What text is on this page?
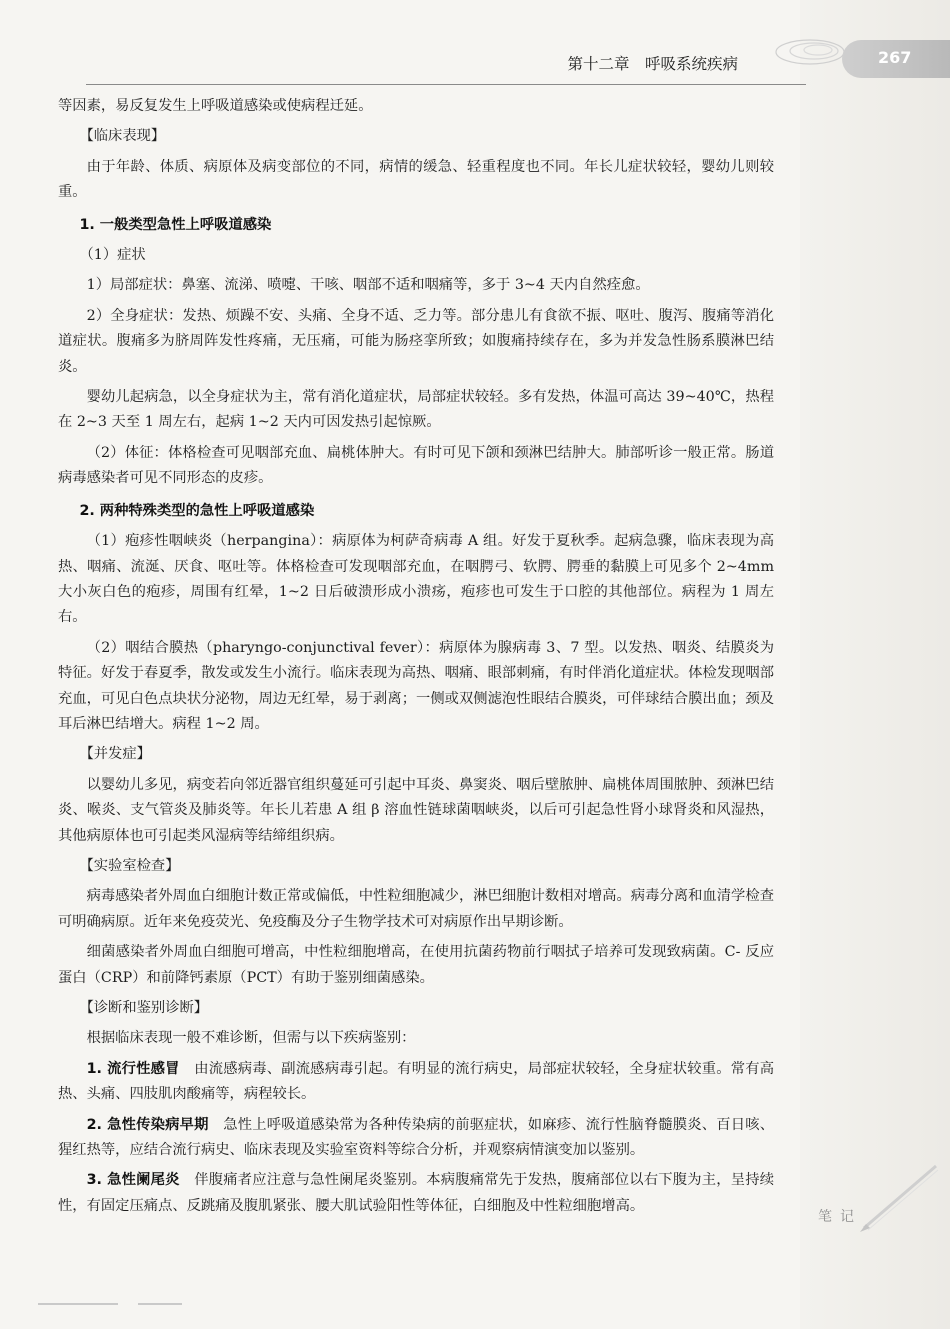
267
第十二章　呼吸系统疾病

等因素，易反复发生上呼吸道感染或使病程迁延。

【临床表现】

由于年龄、体质、病原体及病变部位的不同，病情的缓急、轻重程度也不同。年长儿症状较轻，婴幼儿则较重。

1. 一般类型急性上呼吸道感染

（1）症状

1）局部症状：鼻塞、流涕、喷嚏、干咳、咽部不适和咽痛等，多于 3~4 天内自然痊愈。

2）全身症状：发热、烦躁不安、头痛、全身不适、乏力等。部分患儿有食欲不振、呕吐、腹泻、腹痛等消化道症状。腹痛多为脐周阵发性疼痛，无压痛，可能为肠痉挛所致；如腹痛持续存在，多为并发急性肠系膜淋巴结炎。

婴幼儿起病急，以全身症状为主，常有消化道症状，局部症状较轻。多有发热，体温可高达 39~40℃，热程在 2~3 天至 1 周左右，起病 1~2 天内可因发热引起惊厥。

（2）体征：体格检查可见咽部充血、扁桃体肿大。有时可见下颌和颈淋巴结肿大。肺部听诊一般正常。肠道病毒感染者可见不同形态的皮疹。

2. 两种特殊类型的急性上呼吸道感染

（1）疱疹性咽峡炎（herpangina）：病原体为柯萨奇病毒 A 组。好发于夏秋季。起病急骤，临床表现为高热、咽痛、流涎、厌食、呕吐等。体格检查可发现咽部充血，在咽腭弓、软腭、腭垂的黏膜上可见多个 2~4mm 大小灰白色的疱疹，周围有红晕，1~2 日后破溃形成小溃疡，疱疹也可发生于口腔的其他部位。病程为 1 周左右。

（2）咽结合膜热（pharyngo-conjunctival fever）：病原体为腺病毒 3、7 型。以发热、咽炎、结膜炎为特征。好发于春夏季，散发或发生小流行。临床表现为高热、咽痛、眼部刺痛，有时伴消化道症状。体检发现咽部充血，可见白色点块状分泌物，周边无红晕，易于剥离；一侧或双侧滤泡性眼结合膜炎，可伴球结合膜出血；颈及耳后淋巴结增大。病程 1~2 周。

【并发症】

以婴幼儿多见，病变若向邻近器官组织蔓延可引起中耳炎、鼻窦炎、咽后壁脓肿、扁桃体周围脓肿、颈淋巴结炎、喉炎、支气管炎及肺炎等。年长儿若患 A 组 β 溶血性链球菌咽峡炎，以后可引起急性肾小球肾炎和风湿热，其他病原体也可引起类风湿病等结缔组织病。

【实验室检查】

病毒感染者外周血白细胞计数正常或偏低，中性粒细胞减少，淋巴细胞计数相对增高。病毒分离和血清学检查可明确病原。近年来免疫荧光、免疫酶及分子生物学技术可对病原作出早期诊断。

细菌感染者外周血白细胞可增高，中性粒细胞增高，在使用抗菌药物前行咽拭子培养可发现致病菌。C- 反应蛋白（CRP）和前降钙素原（PCT）有助于鉴别细菌感染。

【诊断和鉴别诊断】

根据临床表现一般不难诊断，但需与以下疾病鉴别：

1. 流行性感冒　 由流感病毒、副流感病毒引起。有明显的流行病史，局部症状较轻，全身症状较重。常有高热、头痛、四肢肌肉酸痛等，病程较长。

2. 急性传染病早期　 急性上呼吸道感染常为各种传染病的前驱症状，如麻疹、流行性脑脊髓膜炎、百日咳、猩红热等，应结合流行病史、临床表现及实验室资料等综合分析，并观察病情演变加以鉴别。

3. 急性阑尾炎　 伴腹痛者应注意与急性阑尾炎鉴别。本病腹痛常先于发热，腹痛部位以右下腹为主，呈持续性，有固定压痛点、反跳痛及腹肌紧张、腰大肌试验阳性等体征，白细胞及中性粒细胞增高。

笔记
